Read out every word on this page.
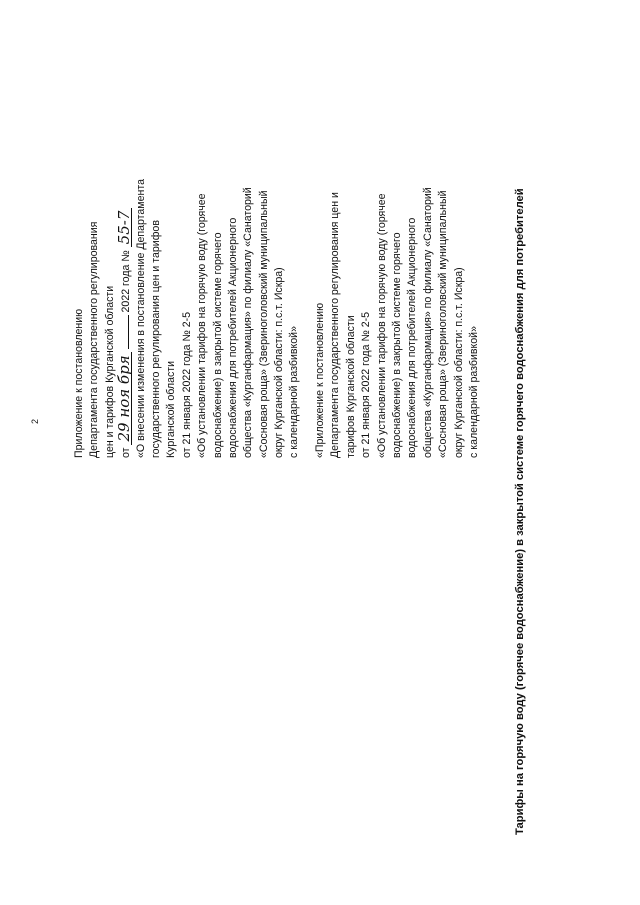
2	Приложение к постановлению Департамента государственного регулирования цен и тарифов Курганской области от 29 ноя бря  2022 года № 55-7 «О внесении изменения в постановление Департамента государственного регулирования цен и тарифов Курганской области от 21 января 2022 года № 2-5 «Об установлении тарифов на горячую воду (горячее водоснабжение) в закрытой системе горячего водоснабжения для потребителей Акционерного общества «Курганфармация» по филиалу «Санаторий «Сосновая роща» (Звериноголовский муниципальный округ Курганской области: п.с.т. Искра) с календарной разбивкой» «Приложение к постановлению Департамента государственного регулирования цен и тарифов Курганской области от 21 января 2022 года № 2-5 «Об установлении тарифов на горячую воду (горячее водоснабжение) в закрытой системе горячего водоснабжения для потребителей Акционерного общества «Курганфармация» по филиалу «Санаторий «Сосновая роща» (Звериноголовский муниципальный округ Курганской области: п.с.т. Искра) с календарной разбивкой»	Тарифы на горячую воду (горячее водоснабжение) в закрытой системе горячего водоснабжения для потребителей
